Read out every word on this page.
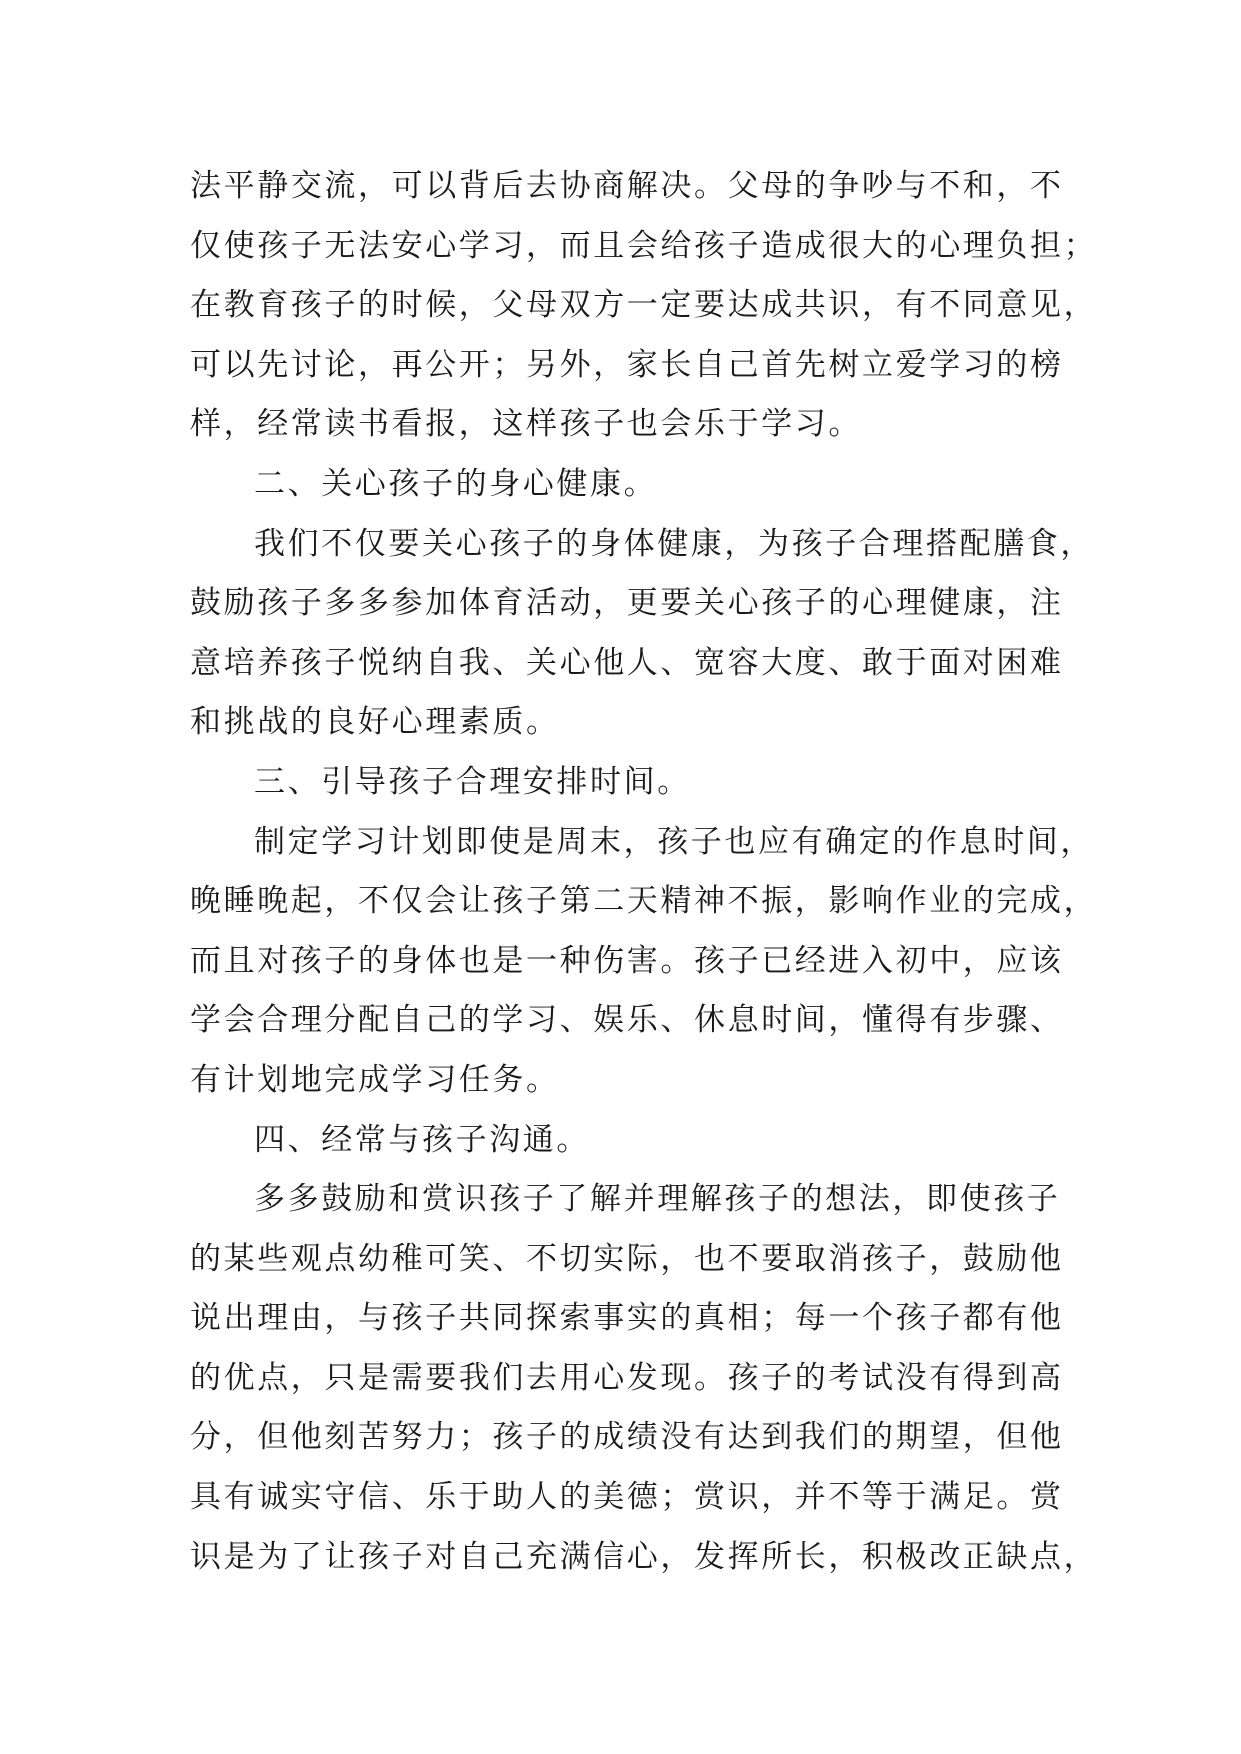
法平静交流，可以背后去协商解决。父母的争吵与不和，不
仅使孩子无法安心学习，而且会给孩子造成很大的心理负担；
在教育孩子的时候，父母双方一定要达成共识，有不同意见，
可以先讨论，再公开；另外，家长自己首先树立爱学习的榜
样，经常读书看报，这样孩子也会乐于学习。
二、关心孩子的身心健康。
我们不仅要关心孩子的身体健康，为孩子合理搭配膳食，
鼓励孩子多多参加体育活动，更要关心孩子的心理健康，注
意培养孩子悦纳自我、关心他人、宽容大度、敢于面对困难
和挑战的良好心理素质。
三、引导孩子合理安排时间。
制定学习计划即使是周末，孩子也应有确定的作息时间，
晚睡晚起，不仅会让孩子第二天精神不振，影响作业的完成，
而且对孩子的身体也是一种伤害。孩子已经进入初中，应该
学会合理分配自己的学习、娱乐、休息时间，懂得有步骤、
有计划地完成学习任务。
四、经常与孩子沟通。
多多鼓励和赏识孩子了解并理解孩子的想法，即使孩子
的某些观点幼稚可笑、不切实际，也不要取消孩子，鼓励他
说出理由，与孩子共同探索事实的真相；每一个孩子都有他
的优点，只是需要我们去用心发现。孩子的考试没有得到高
分，但他刻苦努力；孩子的成绩没有达到我们的期望，但他
具有诚实守信、乐于助人的美德；赏识，并不等于满足。赏
识是为了让孩子对自己充满信心，发挥所长，积极改正缺点，
